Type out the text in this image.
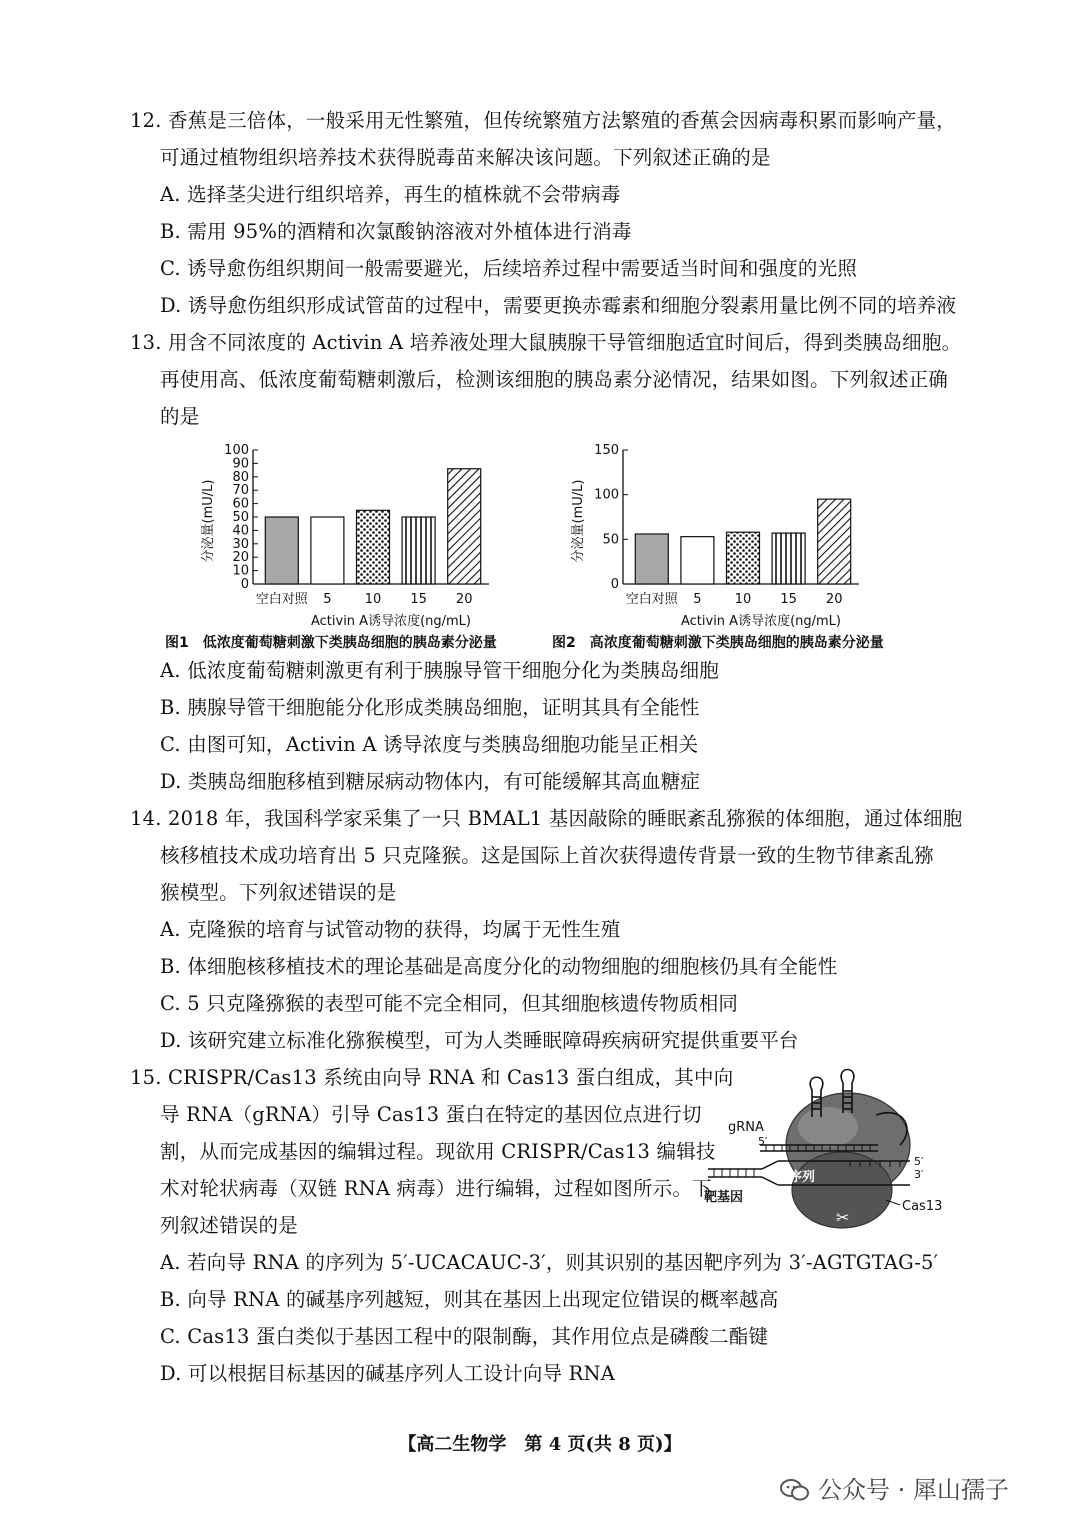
12. 香蕉是三倍体，一般采用无性繁殖，但传统繁殖方法繁殖的香蕉会因病毒积累而影响产量，
可通过植物组织培养技术获得脱毒苗来解决该问题。下列叙述正确的是
A. 选择茎尖进行组织培养，再生的植株就不会带病毒
B. 需用 95%的酒精和次氯酸钠溶液对外植体进行消毒
C. 诱导愈伤组织期间一般需要避光，后续培养过程中需要适当时间和强度的光照
D. 诱导愈伤组织形成试管苗的过程中，需要更换赤霉素和细胞分裂素用量比例不同的培养液
13. 用含不同浓度的 Activin A 培养液处理大鼠胰腺干导管细胞适宜时间后，得到类胰岛细胞。
再使用高、低浓度葡萄糖刺激后，检测该细胞的胰岛素分泌情况，结果如图。下列叙述正确
的是
0
10
20
30
40
50
60
70
80
90
100
空白对照 5	10 15 20
Activin A诱导浓度(ng/mL)
分泌量(mU/L)
0
50
100
150
空白对照 5	10 15 20
Activin A诱导浓度(ng/mL)
分泌量(mU/L)
图1　低浓度葡萄糖刺激下类胰岛细胞的胰岛素分泌量	图2　高浓度葡萄糖刺激下类胰岛细胞的胰岛素分泌量
A. 低浓度葡萄糖刺激更有利于胰腺导管干细胞分化为类胰岛细胞
B. 胰腺导管干细胞能分化形成类胰岛细胞，证明其具有全能性
C. 由图可知，Activin A 诱导浓度与类胰岛细胞功能呈正相关
D. 类胰岛细胞移植到糖尿病动物体内，有可能缓解其高血糖症
14. 2018 年，我国科学家采集了一只 BMAL1 基因敲除的睡眠紊乱猕猴的体细胞，通过体细胞
核移植技术成功培育出 5 只克隆猴。这是国际上首次获得遗传背景一致的生物节律紊乱猕
猴模型。下列叙述错误的是
A. 克隆猴的培育与试管动物的获得，均属于无性生殖
B. 体细胞核移植技术的理论基础是高度分化的动物细胞的细胞核仍具有全能性
C. 5 只克隆猕猴的表型可能不完全相同，但其细胞核遗传物质相同
D. 该研究建立标准化猕猴模型，可为人类睡眠障碍疾病研究提供重要平台
15. CRISPR/Cas13 系统由向导 RNA 和 Cas13 蛋白组成，其中向
导 RNA（gRNA）引导 Cas13 蛋白在特定的基因位点进行切
割，从而完成基因的编辑过程。现欲用 CRISPR/Cas13 编辑技
术对轮状病毒（双链 RNA 病毒）进行编辑，过程如图所示。下
列叙述错误的是
gRNA
5′
靶序列
靶基因
5′
3′
Cas13
✂
A. 若向导 RNA 的序列为 5′-UCACAUC-3′，则其识别的基因靶序列为 3′-AGTGTAG-5′
B. 向导 RNA 的碱基序列越短，则其在基因上出现定位错误的概率越高
C. Cas13 蛋白类似于基因工程中的限制酶，其作用位点是磷酸二酯键
D. 可以根据目标基因的碱基序列人工设计向导 RNA
【高二生物学　第 4 页(共 8 页)】
公众号 · 犀山孺子
